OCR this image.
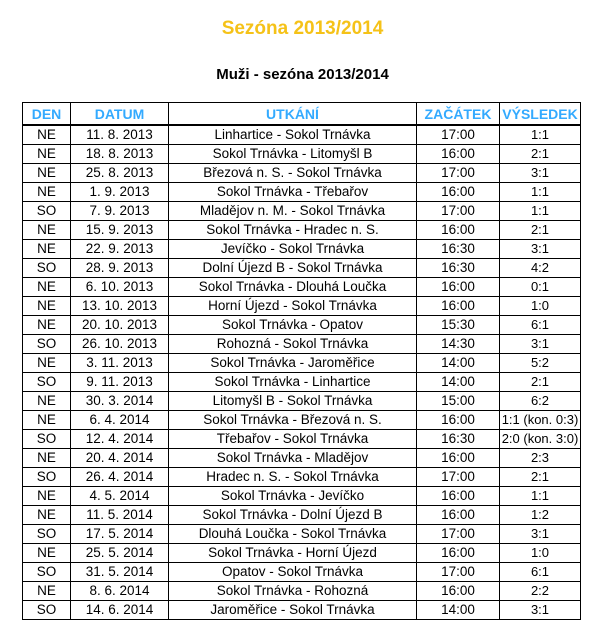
Sezóna 2013/2014
Muži - sezóna 2013/2014
DEN	DATUM	UTKÁNÍ	ZAČÁTEK	VÝSLEDEK
NE	11. 8. 2013	Linhartice - Sokol Trnávka	17:00	1:1
NE	18. 8. 2013	Sokol Trnávka - Litomyšl B	16:00	2:1
NE	25. 8. 2013	Březová n. S. - Sokol Trnávka	17:00	3:1
NE	1. 9. 2013	Sokol Trnávka - Třebařov	16:00	1:1
SO	7. 9. 2013	Mladějov n. M. - Sokol Trnávka	17:00	1:1
NE	15. 9. 2013	Sokol Trnávka - Hradec n. S.	16:00	2:1
NE	22. 9. 2013	Jevíčko - Sokol Trnávka	16:30	3:1
SO	28. 9. 2013	Dolní Újezd B - Sokol Trnávka	16:30	4:2
NE	6. 10. 2013	Sokol Trnávka - Dlouhá Loučka	16:00	0:1
NE	13. 10. 2013	Horní Újezd - Sokol Trnávka	16:00	1:0
NE	20. 10. 2013	Sokol Trnávka - Opatov	15:30	6:1
SO	26. 10. 2013	Rohozná - Sokol Trnávka	14:30	3:1
NE	3. 11. 2013	Sokol Trnávka - Jaroměřice	14:00	5:2
SO	9. 11. 2013	Sokol Trnávka - Linhartice	14:00	2:1
NE	30. 3. 2014	Litomyšl B - Sokol Trnávka	15:00	6:2
NE	6. 4. 2014	Sokol Trnávka - Březová n. S.	16:00	1:1 (kon. 0:3)
SO	12. 4. 2014	Třebařov - Sokol Trnávka	16:30	2:0 (kon. 3:0)
NE	20. 4. 2014	Sokol Trnávka - Mladějov	16:00	2:3
SO	26. 4. 2014	Hradec n. S. - Sokol Trnávka	17:00	2:1
NE	4. 5. 2014	Sokol Trnávka - Jevíčko	16:00	1:1
NE	11. 5. 2014	Sokol Trnávka - Dolní Újezd B	16:00	1:2
SO	17. 5. 2014	Dlouhá Loučka - Sokol Trnávka	17:00	3:1
NE	25. 5. 2014	Sokol Trnávka - Horní Újezd	16:00	1:0
SO	31. 5. 2014	Opatov - Sokol Trnávka	17:00	6:1
NE	8. 6. 2014	Sokol Trnávka - Rohozná	16:00	2:2
SO	14. 6. 2014	Jaroměřice - Sokol Trnávka	14:00	3:1
